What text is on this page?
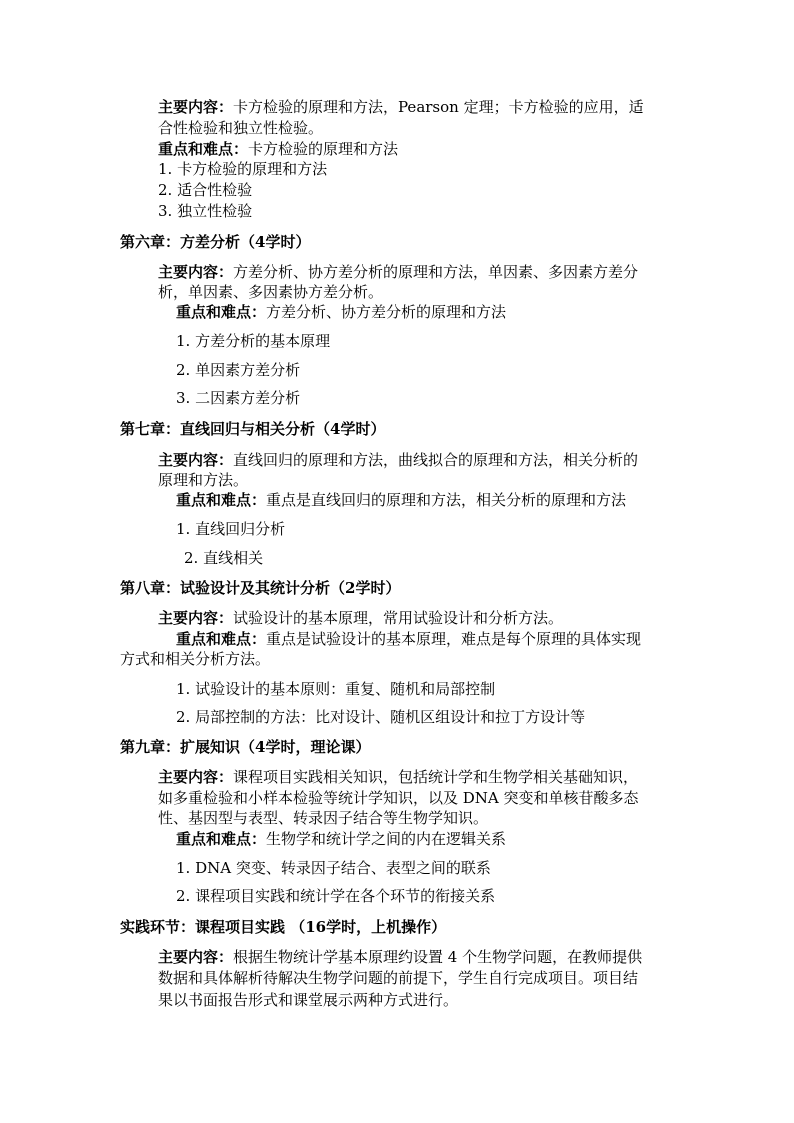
主要内容：卡方检验的原理和方法，Pearson 定理；卡方检验的应用，适
合性检验和独立性检验。
重点和难点：卡方检验的原理和方法
1. 卡方检验的原理和方法
2. 适合性检验
3. 独立性检验
第六章：方差分析（4学时）
主要内容：方差分析、协方差分析的原理和方法，单因素、多因素方差分
析，单因素、多因素协方差分析。
重点和难点：方差分析、协方差分析的原理和方法
1. 方差分析的基本原理
2. 单因素方差分析
3. 二因素方差分析
第七章：直线回归与相关分析（4学时）
主要内容：直线回归的原理和方法，曲线拟合的原理和方法，相关分析的
原理和方法。
重点和难点：重点是直线回归的原理和方法，相关分析的原理和方法
1. 直线回归分析
2. 直线相关
第八章：试验设计及其统计分析（2学时）
主要内容：试验设计的基本原理，常用试验设计和分析方法。
重点和难点：重点是试验设计的基本原理，难点是每个原理的具体实现
方式和相关分析方法。
1. 试验设计的基本原则：重复、随机和局部控制
2. 局部控制的方法：比对设计、随机区组设计和拉丁方设计等
第九章：扩展知识（4学时，理论课）
主要内容：课程项目实践相关知识，包括统计学和生物学相关基础知识，
如多重检验和小样本检验等统计学知识，以及 DNA 突变和单核苷酸多态
性、基因型与表型、转录因子结合等生物学知识。
重点和难点：生物学和统计学之间的内在逻辑关系
1. DNA 突变、转录因子结合、表型之间的联系
2. 课程项目实践和统计学在各个环节的衔接关系
实践环节：课程项目实践 （16学时，上机操作）
主要内容：根据生物统计学基本原理约设置 4 个生物学问题，在教师提供
数据和具体解析待解决生物学问题的前提下，学生自行完成项目。项目结
果以书面报告形式和课堂展示两种方式进行。
